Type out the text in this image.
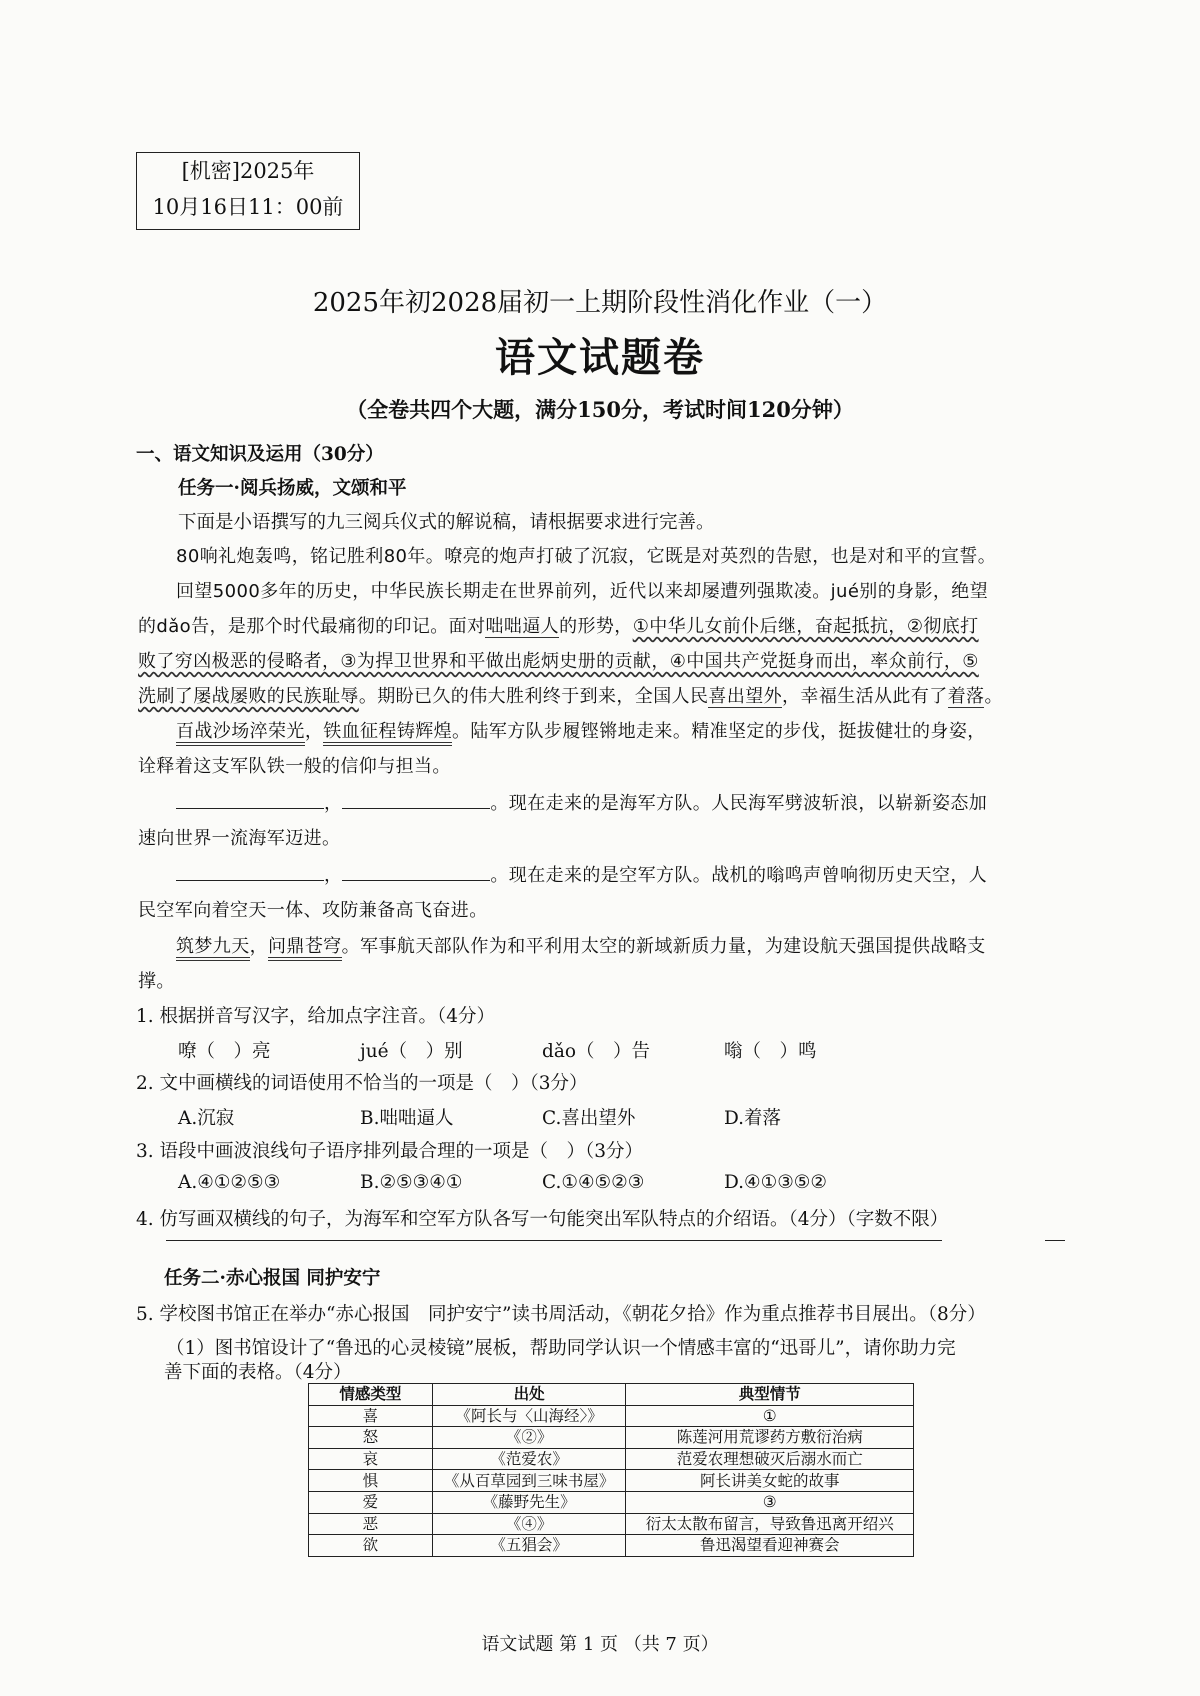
[机密]2025年
10月16日11：00前
2025年初2028届初一上期阶段性消化作业（一）
语文试题卷
（全卷共四个大题，满分150分，考试时间120分钟）
一、语文知识及运用（30分）
任务一·阅兵扬威，文颂和平
下面是小语撰写的九三阅兵仪式的解说稿，请根据要求进行完善。
80响礼炮轰鸣，铭记胜利80年。嘹亮的炮声打破了沉寂，它既是对英烈的告慰，也是对和平的宣誓。
回望5000多年的历史，中华民族长期走在世界前列，近代以来却屡遭列强欺凌。jué别的身影，绝望
的dǎo告，是那个时代最痛彻的印记。面对咄咄逼人的形势，①中华儿女前仆后继，奋起抵抗，②彻底打
败了穷凶极恶的侵略者，③为捍卫世界和平做出彪炳史册的贡献，④中国共产党挺身而出，率众前行，⑤
洗刷了屡战屡败的民族耻辱。期盼已久的伟大胜利终于到来，全国人民喜出望外，幸福生活从此有了着落。
百战沙场淬荣光，铁血征程铸辉煌。陆军方队步履铿锵地走来。精准坚定的步伐，挺拔健壮的身姿，
诠释着这支军队铁一般的信仰与担当。
，	。现在走来的是海军方队。人民海军劈波斩浪，以崭新姿态加
速向世界一流海军迈进。
，	。现在走来的是空军方队。战机的嗡鸣声曾响彻历史天空，人
民空军向着空天一体、攻防兼备高飞奋进。
筑梦九天，问鼎苍穹。军事航天部队作为和平利用太空的新域新质力量，为建设航天强国提供战略支
撑。
1. 根据拼音写汉字，给加点字注音。（4分）
嘹（　）亮	jué（　）别	dǎo（　）告	嗡（　）鸣
2. 文中画横线的词语使用不恰当的一项是（　）（3分）
A.沉寂	B.咄咄逼人	C.喜出望外	D.着落
3. 语段中画波浪线句子语序排列最合理的一项是（　）（3分）
A.④①②⑤③	B.②⑤③④①	C.①④⑤②③	D.④①③⑤②
4. 仿写画双横线的句子，为海军和空军方队各写一句能突出军队特点的介绍语。（4分）（字数不限）
任务二·赤心报国 同护安宁
5. 学校图书馆正在举办“赤心报国　同护安宁”读书周活动，《朝花夕拾》作为重点推荐书目展出。（8分）
（1）图书馆设计了“鲁迅的心灵棱镜”展板，帮助同学认识一个情感丰富的“迅哥儿”，请你助力完
善下面的表格。（4分）
情感类型	出处	典型情节
喜	《阿长与〈山海经〉》	①
怒	《②》	陈莲河用荒谬药方敷衍治病
哀	《范爱农》	范爱农理想破灭后溺水而亡
惧	《从百草园到三味书屋》	阿长讲美女蛇的故事
爱	《藤野先生》	③
恶	《④》	衍太太散布留言，导致鲁迅离开绍兴
欲	《五猖会》	鲁迅渴望看迎神赛会
语文试题 第 1 页 （共 7 页）
